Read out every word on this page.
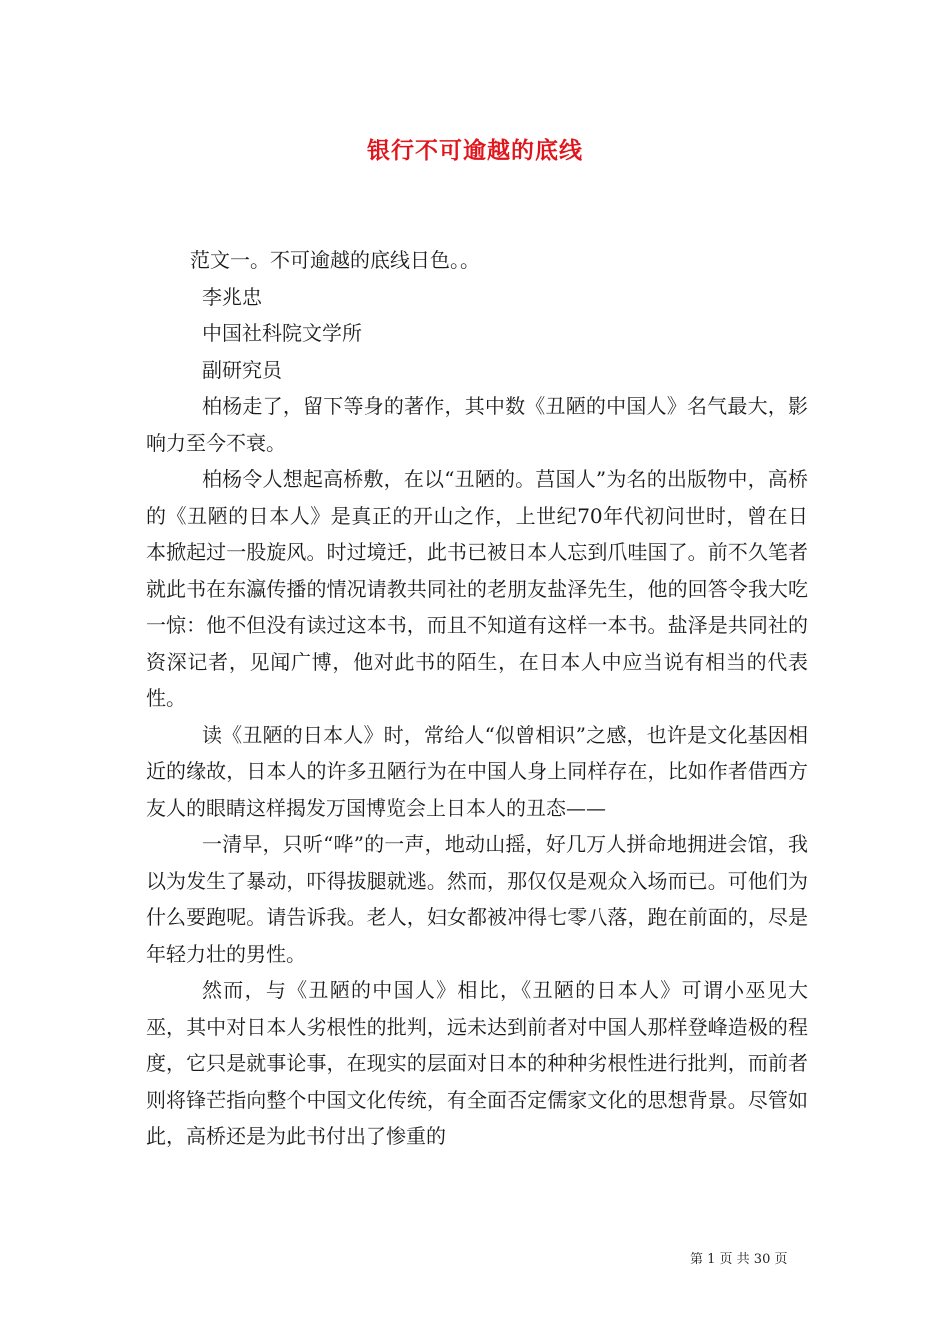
银行不可逾越的底线

范文一。不可逾越的底线日色。。

李兆忠

中国社科院文学所

副研究员

柏杨走了，留下等身的著作，其中数《丑陋的中国人》名气最大，影响力至今不衰。

柏杨令人想起高桥敷，在以“丑陋的。莒国人”为名的出版物中，高桥的《丑陋的日本人》是真正的开山之作，上世纪70年代初问世时，曾在日本掀起过一股旋风。时过境迁，此书已被日本人忘到爪哇国了。前不久笔者就此书在东瀛传播的情况请教共同社的老朋友盐泽先生，他的回答令我大吃一惊：他不但没有读过这本书，而且不知道有这样一本书。盐泽是共同社的资深记者，见闻广博，他对此书的陌生，在日本人中应当说有相当的代表性。

读《丑陋的日本人》时，常给人“似曾相识”之感，也许是文化基因相近的缘故，日本人的许多丑陋行为在中国人身上同样存在，比如作者借西方友人的眼睛这样揭发万国博览会上日本人的丑态——

一清早，只听“哗”的一声，地动山摇，好几万人拼命地拥进会馆，我以为发生了暴动，吓得拔腿就逃。然而，那仅仅是观众入场而已。可他们为什么要跑呢。请告诉我。老人，妇女都被冲得七零八落，跑在前面的，尽是年轻力壮的男性。

然而，与《丑陋的中国人》相比，《丑陋的日本人》可谓小巫见大巫，其中对日本人劣根性的批判，远未达到前者对中国人那样登峰造极的程度，它只是就事论事，在现实的层面对日本的种种劣根性进行批判，而前者则将锋芒指向整个中国文化传统，有全面否定儒家文化的思想背景。尽管如此，高桥还是为此书付出了惨重的

第 1 页 共 30 页
